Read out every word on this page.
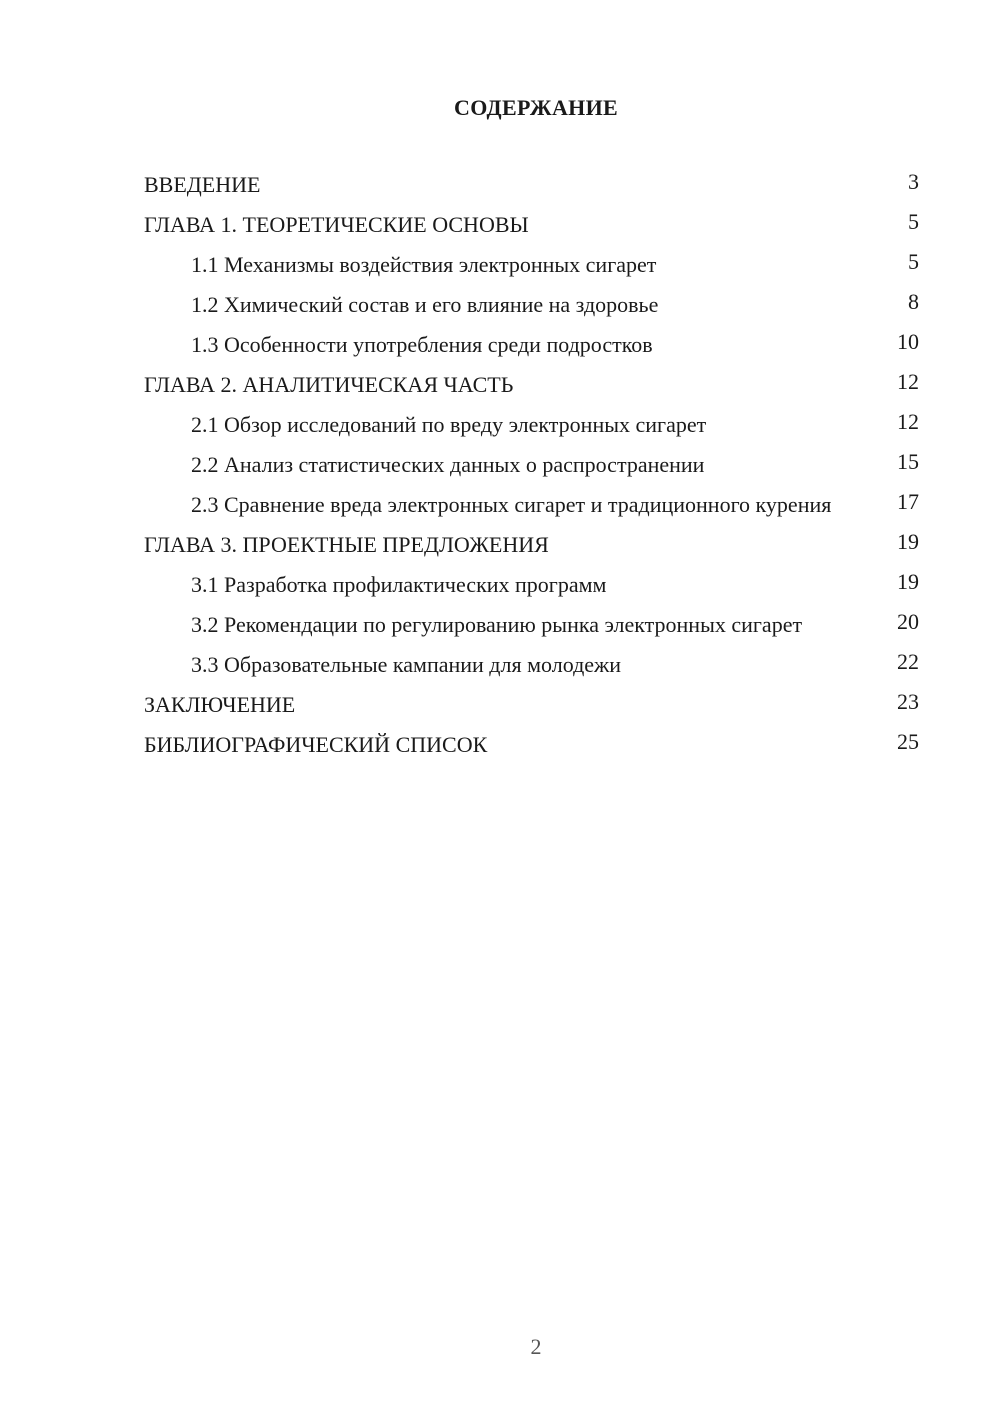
СОДЕРЖАНИЕ
ВВЕДЕНИЕ	3
ГЛАВА 1. ТЕОРЕТИЧЕСКИЕ ОСНОВЫ	5
1.1 Механизмы воздействия электронных сигарет	5
1.2 Химический состав и его влияние на здоровье	8
1.3 Особенности употребления среди подростков	10
ГЛАВА 2. АНАЛИТИЧЕСКАЯ ЧАСТЬ	12
2.1 Обзор исследований по вреду электронных сигарет	12
2.2 Анализ статистических данных о распространении	15
2.3 Сравнение вреда электронных сигарет и традиционного курения	17
ГЛАВА 3. ПРОЕКТНЫЕ ПРЕДЛОЖЕНИЯ	19
3.1 Разработка профилактических программ	19
3.2 Рекомендации по регулированию рынка электронных сигарет	20
3.3 Образовательные кампании для молодежи	22
ЗАКЛЮЧЕНИЕ	23
БИБЛИОГРАФИЧЕСКИЙ СПИСОК	25
2
